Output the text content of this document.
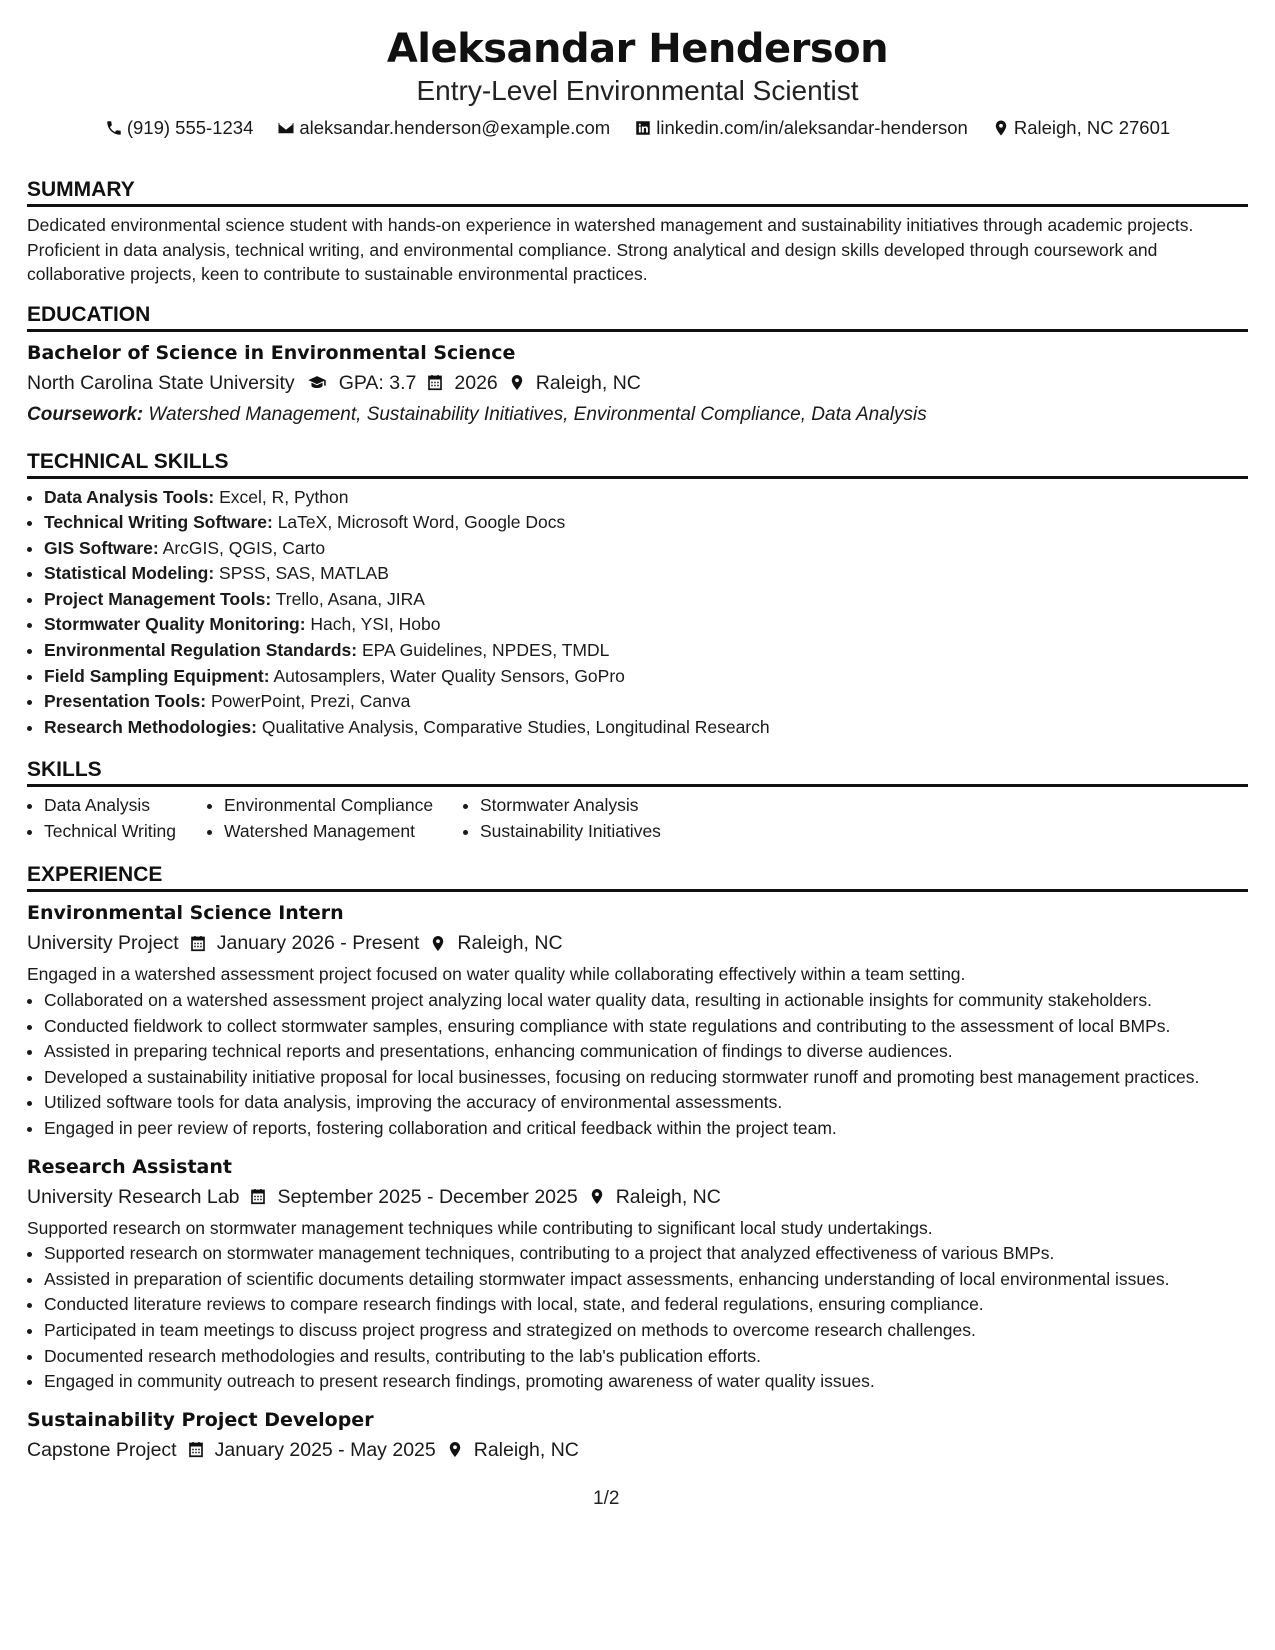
Aleksandar Henderson
Entry-Level Environmental Scientist
(919) 555-1234 aleksandar.henderson@example.com linkedin.com/in/aleksandar-henderson Raleigh, NC 27601
SUMMARY

Dedicated environmental science student with hands-on experience in watershed management and sustainability initiatives through academic projects. Proficient in data analysis, technical writing, and environmental compliance. Strong analytical and design skills developed through coursework and collaborative projects, keen to contribute to sustainable environmental practices.

EDUCATION
Bachelor of Science in Environmental Science
North Carolina State University GPA: 3.7 2026 Raleigh, NC
Coursework: Watershed Management, Sustainability Initiatives, Environmental Compliance, Data Analysis
TECHNICAL SKILLS
• Data Analysis Tools: Excel, R, Python
• Technical Writing Software: LaTeX, Microsoft Word, Google Docs
• GIS Software: ArcGIS, QGIS, Carto
• Statistical Modeling: SPSS, SAS, MATLAB
• Project Management Tools: Trello, Asana, JIRA
• Stormwater Quality Monitoring: Hach, YSI, Hobo
• Environmental Regulation Standards: EPA Guidelines, NPDES, TMDL
• Field Sampling Equipment: Autosamplers, Water Quality Sensors, GoPro
• Presentation Tools: PowerPoint, Prezi, Canva
• Research Methodologies: Qualitative Analysis, Comparative Studies, Longitudinal Research
SKILLS
• Data Analysis
• Technical Writing
• Environmental Compliance
• Watershed Management
• Stormwater Analysis
• Sustainability Initiatives
EXPERIENCE
Environmental Science Intern
University Project January 2026 - Present Raleigh, NC
Engaged in a watershed assessment project focused on water quality while collaborating effectively within a team setting.
• Collaborated on a watershed assessment project analyzing local water quality data, resulting in actionable insights for community stakeholders.
• Conducted fieldwork to collect stormwater samples, ensuring compliance with state regulations and contributing to the assessment of local BMPs.
• Assisted in preparing technical reports and presentations, enhancing communication of findings to diverse audiences.
• Developed a sustainability initiative proposal for local businesses, focusing on reducing stormwater runoff and promoting best management practices.
• Utilized software tools for data analysis, improving the accuracy of environmental assessments.
• Engaged in peer review of reports, fostering collaboration and critical feedback within the project team.
Research Assistant
University Research Lab September 2025 - December 2025 Raleigh, NC
Supported research on stormwater management techniques while contributing to significant local study undertakings.
• Supported research on stormwater management techniques, contributing to a project that analyzed effectiveness of various BMPs.
• Assisted in preparation of scientific documents detailing stormwater impact assessments, enhancing understanding of local environmental issues.
• Conducted literature reviews to compare research findings with local, state, and federal regulations, ensuring compliance.
• Participated in team meetings to discuss project progress and strategized on methods to overcome research challenges.
• Documented research methodologies and results, contributing to the lab's publication efforts.
• Engaged in community outreach to present research findings, promoting awareness of water quality issues.
Sustainability Project Developer
Capstone Project January 2025 - May 2025 Raleigh, NC
1/2
